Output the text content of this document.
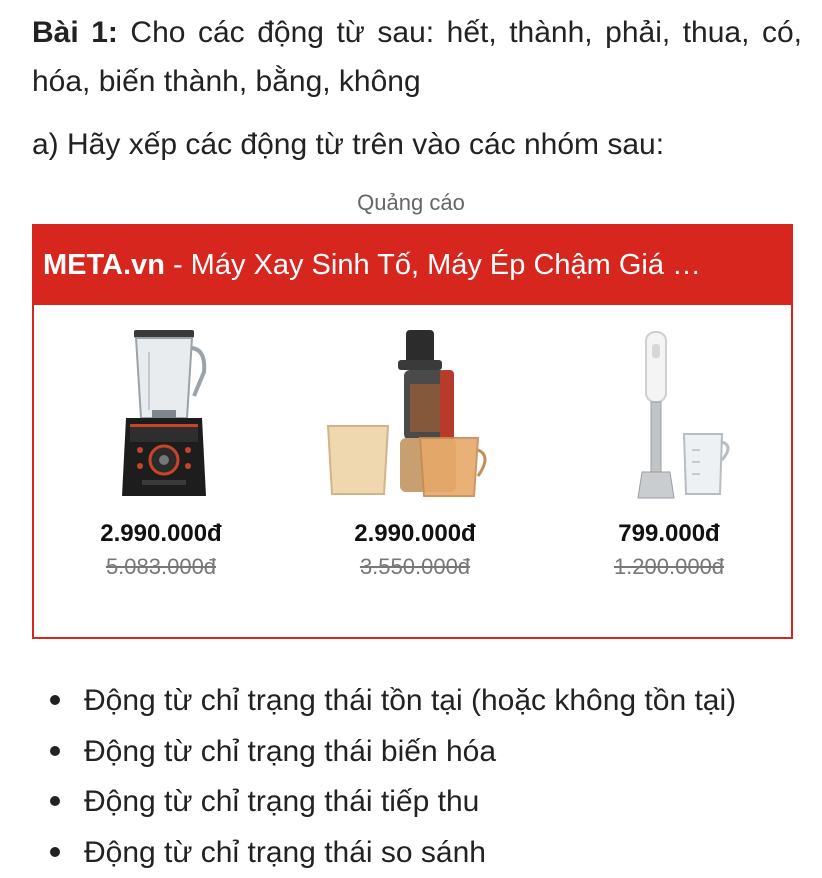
Bài 1: Cho các động từ sau: hết, thành, phải, thua, có, hóa, biến thành, bằng, không

a) Hãy xếp các động từ trên vào các nhóm sau:

Quảng cáo
META.vn - Máy Xay Sinh Tố, Máy Ép Chậm Giá …
2.990.000đ
5.083.000đ
2.990.000đ
3.550.000đ
799.000đ
1.200.000đ
Động từ chỉ trạng thái tồn tại (hoặc không tồn tại)
Động từ chỉ trạng thái biến hóa
Động từ chỉ trạng thái tiếp thu
Động từ chỉ trạng thái so sánh
